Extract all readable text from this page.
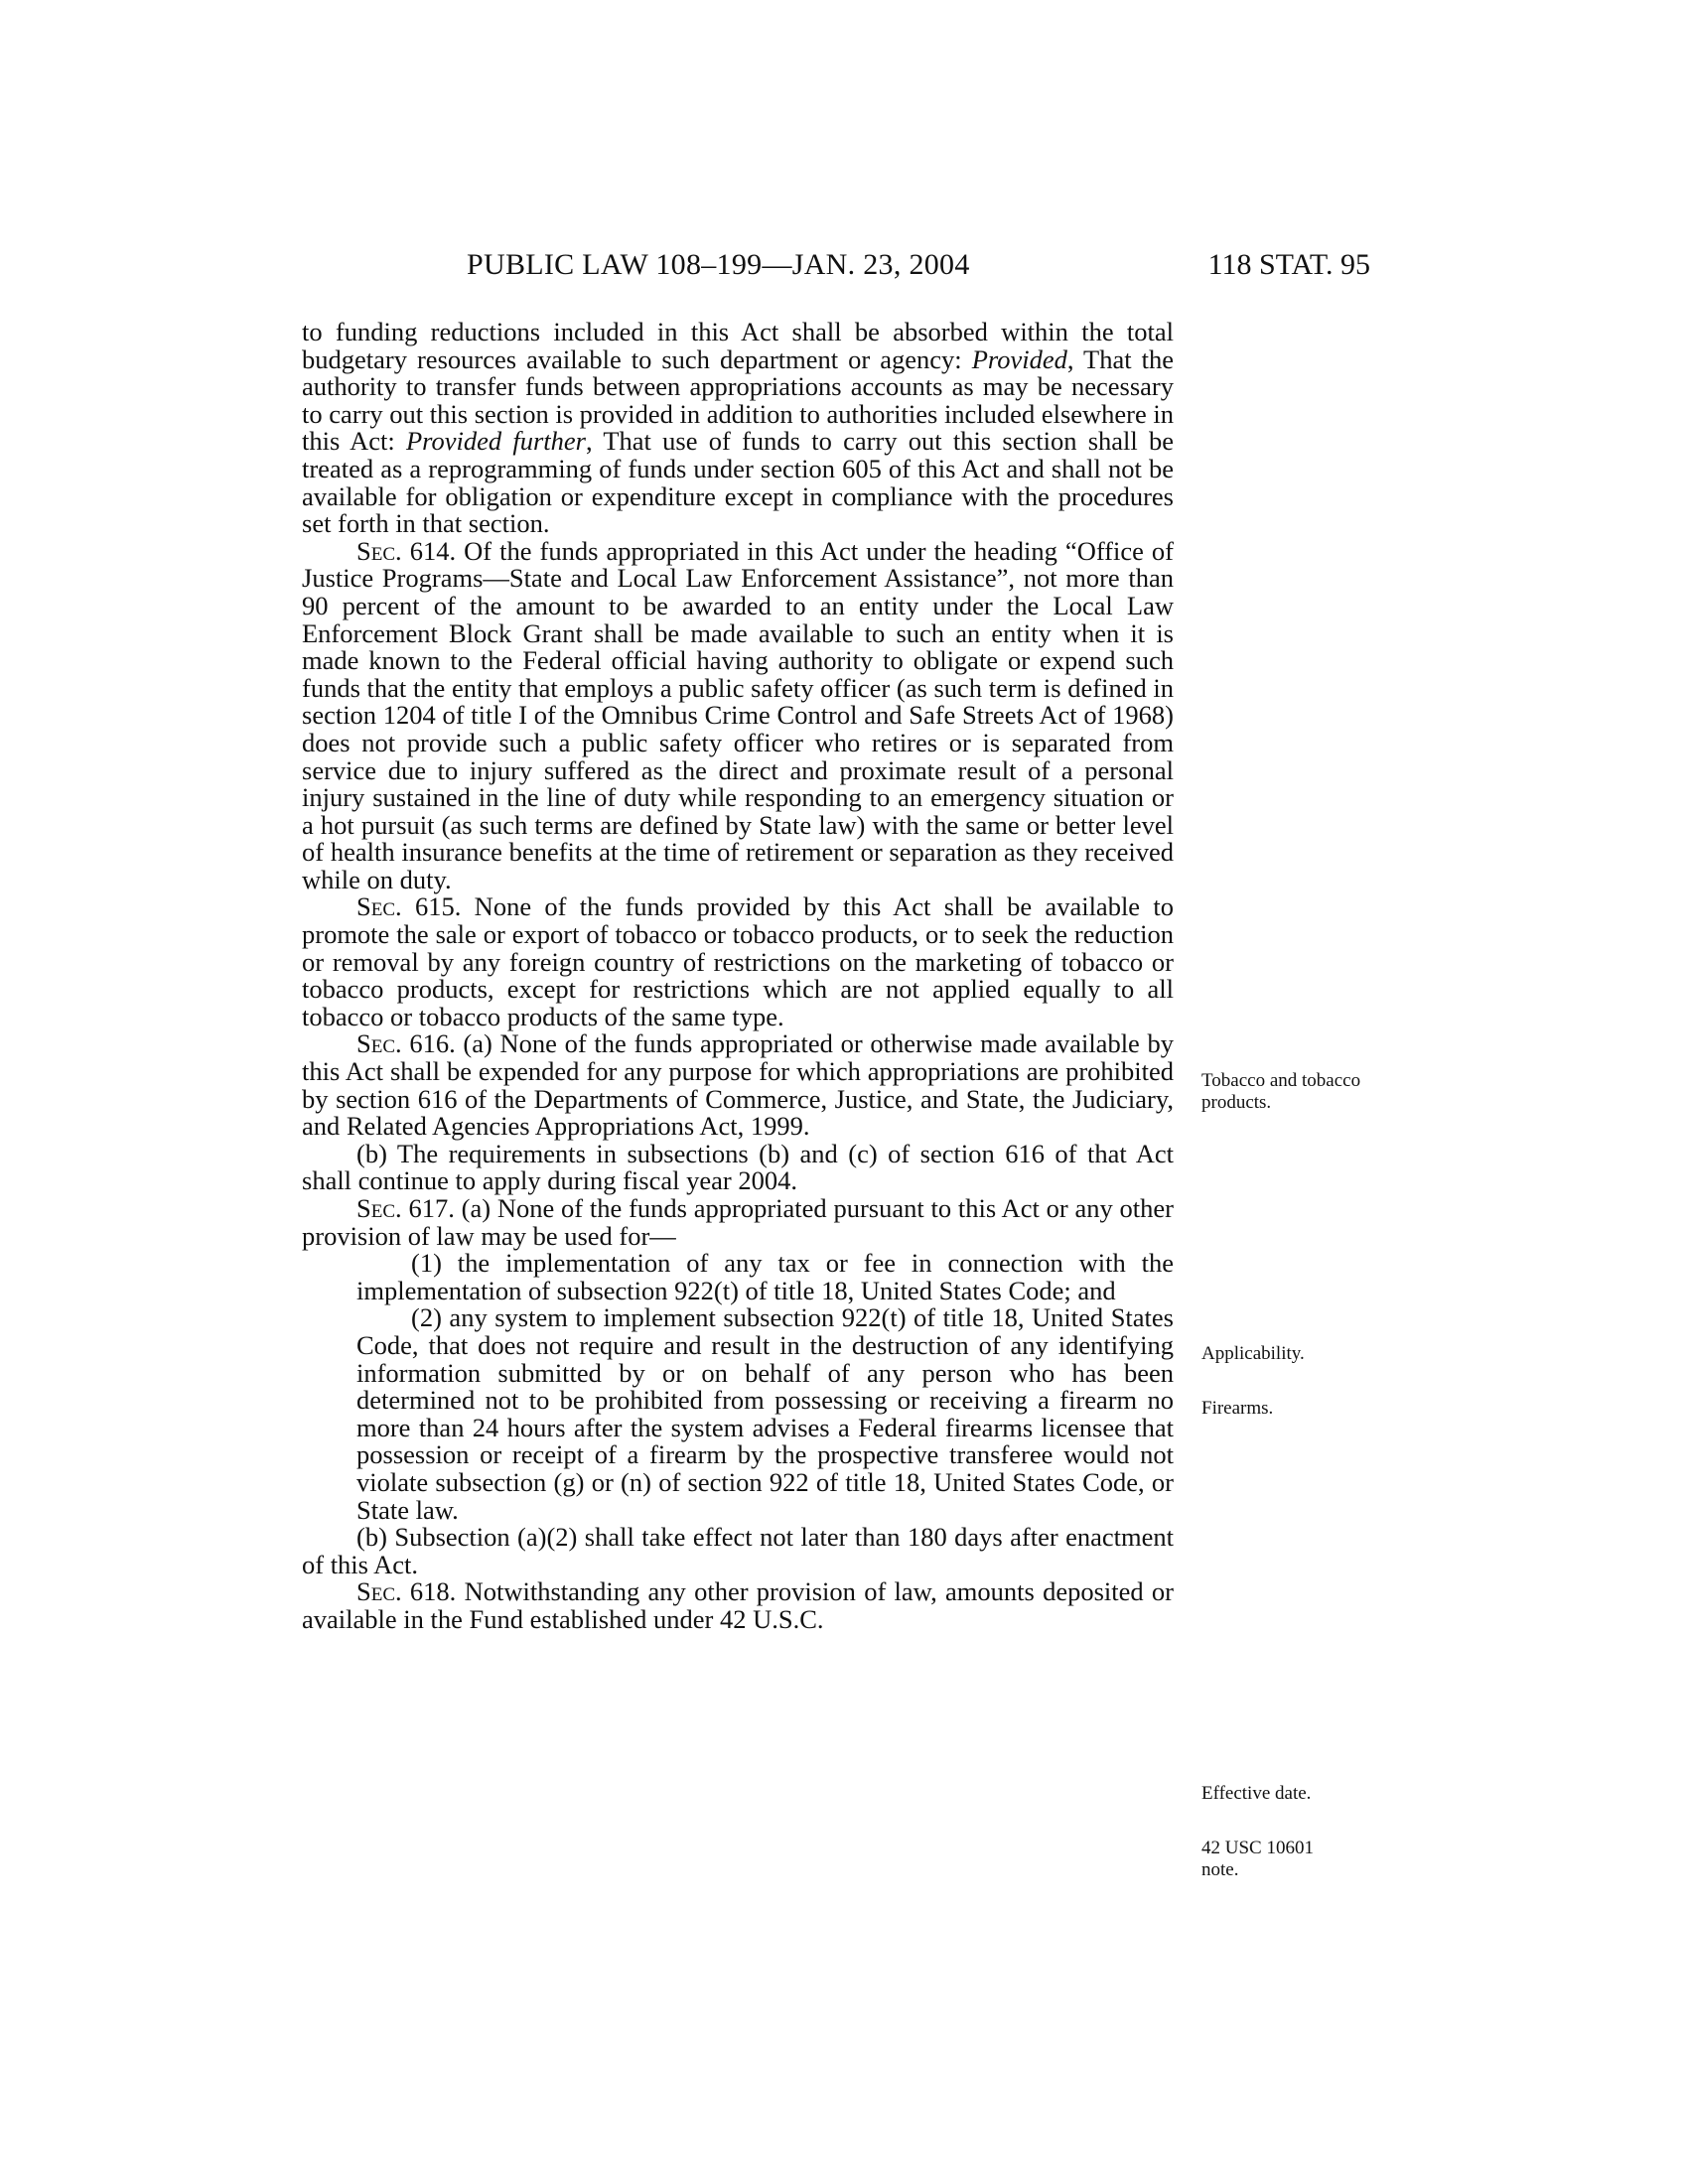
PUBLIC LAW 108–199—JAN. 23, 2004	118 STAT. 95

to funding reductions included in this Act shall be absorbed within the total budgetary resources available to such department or agency: Provided, That the authority to transfer funds between appropriations accounts as may be necessary to carry out this section is provided in addition to authorities included elsewhere in this Act: Provided further, That use of funds to carry out this section shall be treated as a reprogramming of funds under section 605 of this Act and shall not be available for obligation or expenditure except in compliance with the procedures set forth in that section.

Sec. 614. Of the funds appropriated in this Act under the heading “Office of Justice Programs—State and Local Law Enforcement Assistance”, not more than 90 percent of the amount to be awarded to an entity under the Local Law Enforcement Block Grant shall be made available to such an entity when it is made known to the Federal official having authority to obligate or expend such funds that the entity that employs a public safety officer (as such term is defined in section 1204 of title I of the Omnibus Crime Control and Safe Streets Act of 1968) does not provide such a public safety officer who retires or is separated from service due to injury suffered as the direct and proximate result of a personal injury sustained in the line of duty while responding to an emergency situation or a hot pursuit (as such terms are defined by State law) with the same or better level of health insurance benefits at the time of retirement or separation as they received while on duty.

Sec. 615. None of the funds provided by this Act shall be available to promote the sale or export of tobacco or tobacco products, or to seek the reduction or removal by any foreign country of restrictions on the marketing of tobacco or tobacco products, except for restrictions which are not applied equally to all tobacco or tobacco products of the same type.

Sec. 616. (a) None of the funds appropriated or otherwise made available by this Act shall be expended for any purpose for which appropriations are prohibited by section 616 of the Departments of Commerce, Justice, and State, the Judiciary, and Related Agencies Appropriations Act, 1999.

(b) The requirements in subsections (b) and (c) of section 616 of that Act shall continue to apply during fiscal year 2004.

Sec. 617. (a) None of the funds appropriated pursuant to this Act or any other provision of law may be used for—

(1) the implementation of any tax or fee in connection with the implementation of subsection 922(t) of title 18, United States Code; and

(2) any system to implement subsection 922(t) of title 18, United States Code, that does not require and result in the destruction of any identifying information submitted by or on behalf of any person who has been determined not to be prohibited from possessing or receiving a firearm no more than 24 hours after the system advises a Federal firearms licensee that possession or receipt of a firearm by the prospective transferee would not violate subsection (g) or (n) of section 922 of title 18, United States Code, or State law.

(b) Subsection (a)(2) shall take effect not later than 180 days after enactment of this Act.

Sec. 618. Notwithstanding any other provision of law, amounts deposited or available in the Fund established under 42 U.S.C.

Tobacco and tobacco products.
Applicability.
Firearms.
Effective date.
42 USC 10601 note.
